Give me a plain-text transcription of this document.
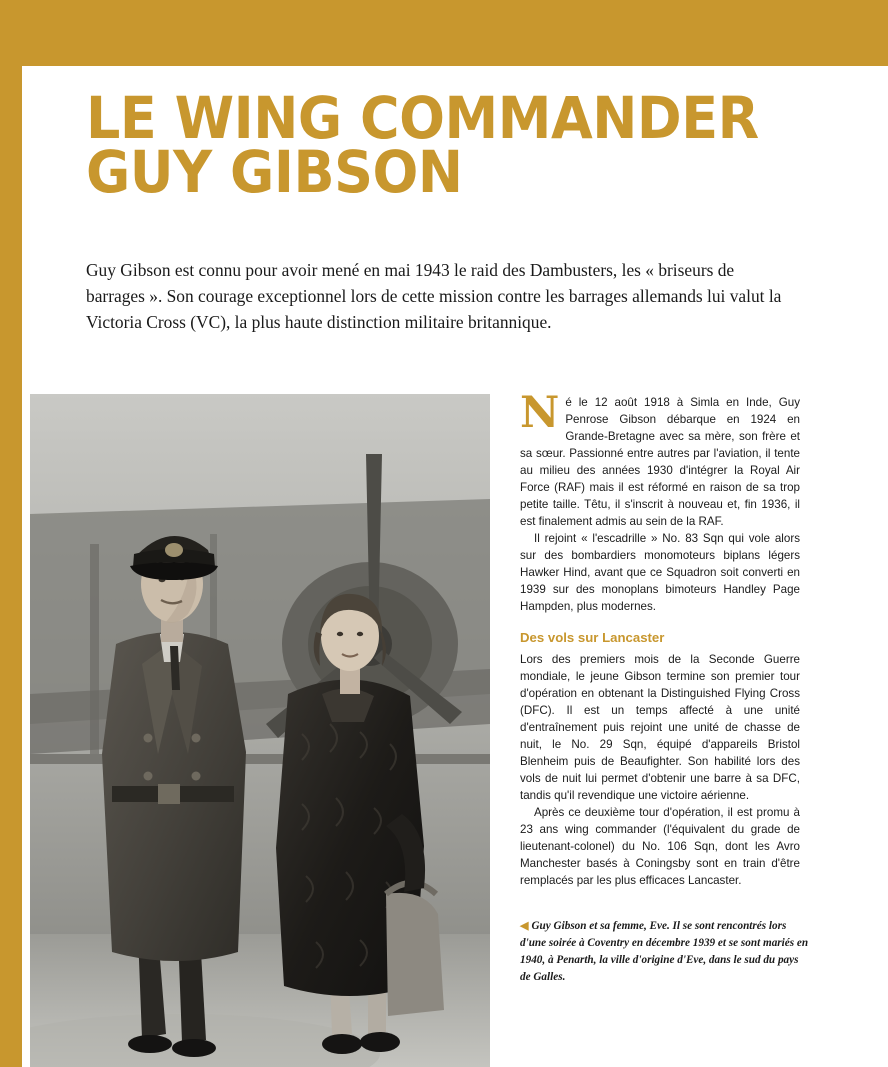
LE WING COMMANDER
GUY GIBSON
Guy Gibson est connu pour avoir mené en mai 1943 le raid des Dambusters, les « briseurs de barrages ». Son courage exceptionnel lors de cette mission contre les barrages allemands lui valut la Victoria Cross (VC), la plus haute distinction militaire britannique.

Né le 12 août 1918 à Simla en Inde, Guy Penrose Gibson débarque en 1924 en Grande-Bretagne avec sa mère, son frère et sa sœur. Passionné entre autres par l'aviation, il tente au milieu des années 1930 d'intégrer la Royal Air Force (RAF) mais il est réformé en raison de sa trop petite taille. Têtu, il s'inscrit à nouveau et, fin 1936, il est finalement admis au sein de la RAF.

Il rejoint « l'escadrille » No. 83 Sqn qui vole alors sur des bombardiers monomoteurs biplans légers Hawker Hind, avant que ce Squadron soit converti en 1939 sur des monoplans bimoteurs Handley Page Hampden, plus modernes.

Des vols sur Lancaster

Lors des premiers mois de la Seconde Guerre mondiale, le jeune Gibson termine son premier tour d'opération en obtenant la Distinguished Flying Cross (DFC). Il est un temps affecté à une unité d'entraînement puis rejoint une unité de chasse de nuit, le No. 29 Sqn, équipé d'appareils Bristol Blenheim puis de Beaufighter. Son habilité lors des vols de nuit lui permet d'obtenir une barre à sa DFC, tandis qu'il revendique une victoire aérienne.

Après ce deuxième tour d'opération, il est promu à 23 ans wing commander (l'équivalent du grade de lieutenant-colonel) du No. 106 Sqn, dont les Avro Manchester basés à Coningsby sont en train d'être remplacés par les plus efficaces Lancaster.

◀ Guy Gibson et sa femme, Eve. Il se sont rencontrés lors d'une soirée à Coventry en décembre 1939 et se sont mariés en 1940, à Penarth, la ville d'origine d'Eve, dans le sud du pays de Galles.
